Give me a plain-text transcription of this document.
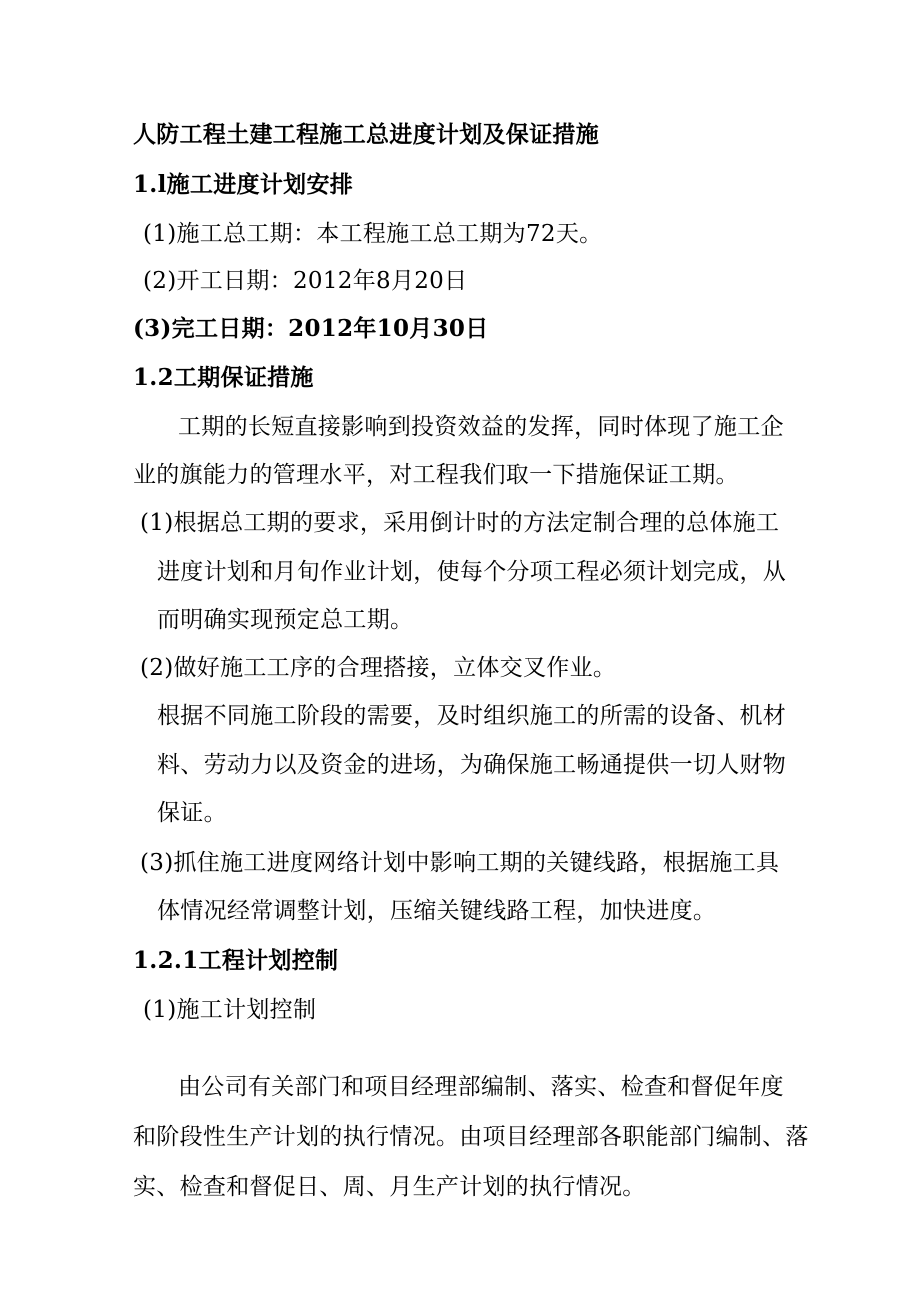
人防工程土建工程施工总进度计划及保证措施
1.l施工进度计划安排
(1)施工总工期：本工程施工总工期为72天。
(2)开工日期：2012年8月20日
(3)完工日期：2012年10月30日
1.2工期保证措施
工期的长短直接影响到投资效益的发挥，同时体现了施工企
业的旗能力的管理水平，对工程我们取一下措施保证工期。
(1)根据总工期的要求，采用倒计时的方法定制合理的总体施工
进度计划和月旬作业计划，使每个分项工程必须计划完成，从
而明确实现预定总工期。
(2)做好施工工序的合理搭接，立体交叉作业。
根据不同施工阶段的需要，及时组织施工的所需的设备、机材
料、劳动力以及资金的进场，为确保施工畅通提供一切人财物
保证。
(3)抓住施工进度网络计划中影响工期的关键线路，根据施工具
体情况经常调整计划，压缩关键线路工程，加快进度。
1.2.1工程计划控制
(1)施工计划控制
由公司有关部门和项目经理部编制、落实、检查和督促年度
和阶段性生产计划的执行情况。由项目经理部各职能部门编制、落
实、检查和督促日、周、月生产计划的执行情况。
